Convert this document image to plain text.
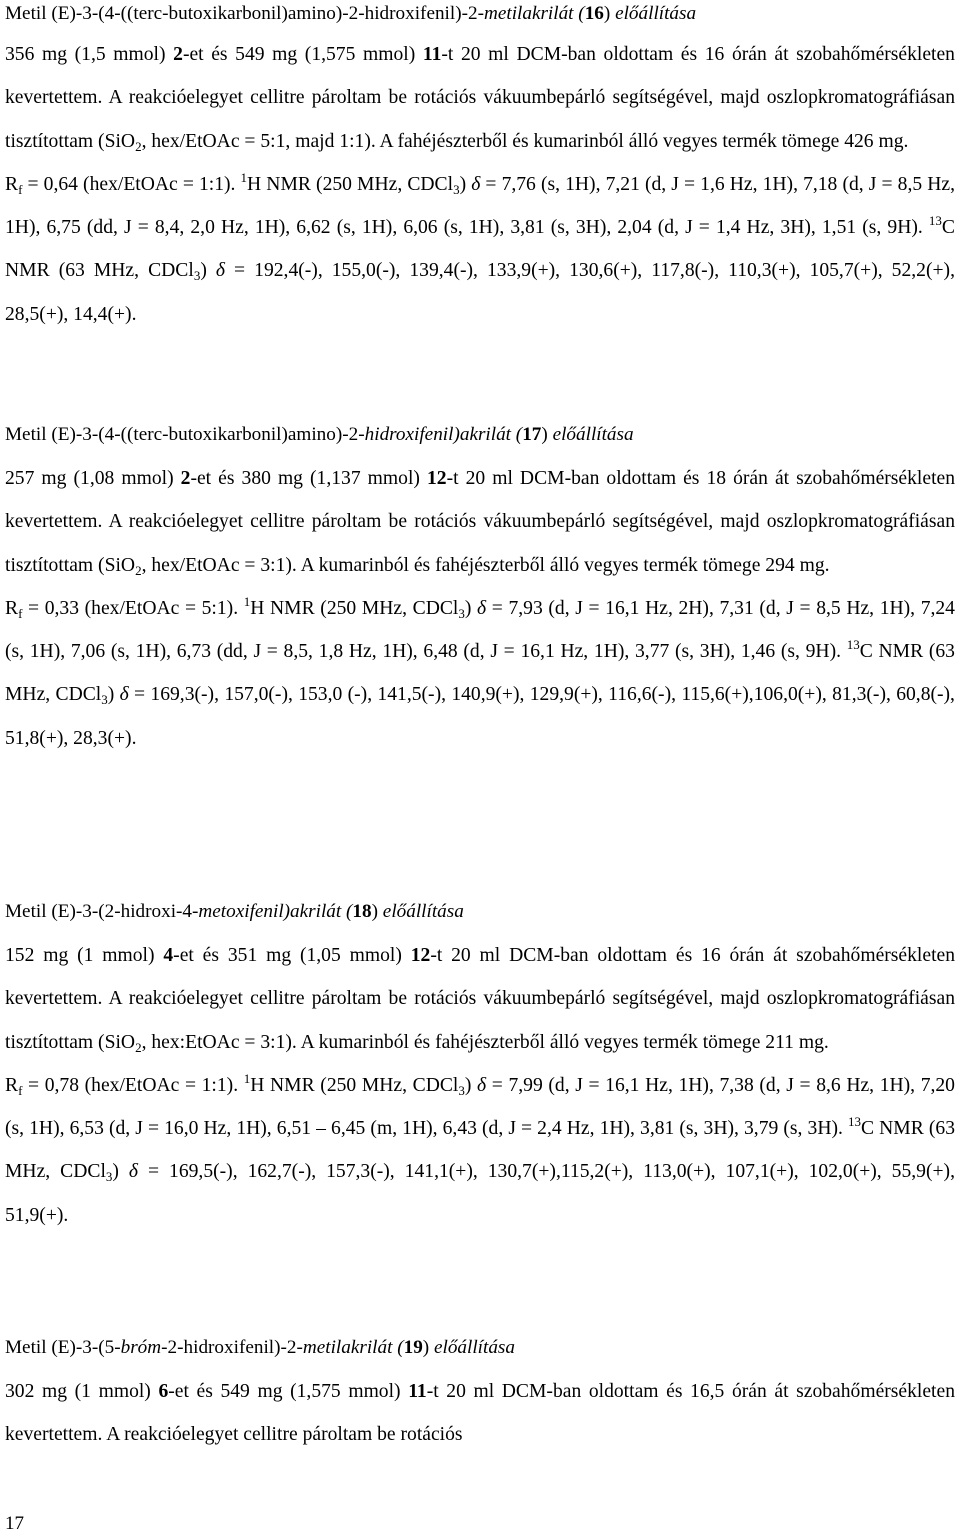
Metil (E)-3-(4-((terc-butoxikarbonil)amino)-2-hidroxifenil)-2-metilakrilát (16) előállítása

356 mg (1,5 mmol) 2-et és 549 mg (1,575 mmol) 11-t 20 ml DCM-ban oldottam és 16 órán át szobahőmérsékleten kevertettem. A reakcióelegyet cellitre pároltam be rotációs vákuumbepárló segítségével, majd oszlopkromatográfiásan tisztítottam (SiO$_2$, hex/EtOAc = 5:1, majd 1:1). A fahéjészterből és kumarinból álló vegyes termék tömege 426 mg.

$R_f = 0,64$ (hex/EtOAc = 1:1). $^1$H NMR (250 MHz, CDCl$_3$) δ = 7,76 (s, 1H), 7,21 (d, J = 1,6 Hz, 1H), 7,18 (d, J = 8,5 Hz, 1H), 6,75 (dd, J = 8,4, 2,0 Hz, 1H), 6,62 (s, 1H), 6,06 (s, 1H), 3,81 (s, 3H), 2,04 (d, J = 1,4 Hz, 3H), 1,51 (s, 9H). $^{13}$C NMR (63 MHz, CDCl$_3$) δ = 192,4(-), 155,0(-), 139,4(-), 133,9(+), 130,6(+), 117,8(-), 110,3(+), 105,7(+), 52,2(+), 28,5(+), 14,4(+).

Metil (E)-3-(4-((terc-butoxikarbonil)amino)-2-hidroxifenil)akrilát (17) előállítása

257 mg (1,08 mmol) 2-et és 380 mg (1,137 mmol) 12-t 20 ml DCM-ban oldottam és 18 órán át szobahőmérsékleten kevertettem. A reakcióelegyet cellitre pároltam be rotációs vákuumbepárló segítségével, majd oszlopkromatográfiásan tisztítottam (SiO$_2$, hex/EtOAc = 3:1). A kumarinból és fahéjészterből álló vegyes termék tömege 294 mg.

$R_f = 0,33$ (hex/EtOAc = 5:1). $^1$H NMR (250 MHz, CDCl$_3$) δ = 7,93 (d, J = 16,1 Hz, 2H), 7,31 (d, J = 8,5 Hz, 1H), 7,24 (s, 1H), 7,06 (s, 1H), 6,73 (dd, J = 8,5, 1,8 Hz, 1H), 6,48 (d, J = 16,1 Hz, 1H), 3,77 (s, 3H), 1,46 (s, 9H). $^{13}$C NMR (63 MHz, CDCl$_3$) δ = 169,3(-), 157,0(-), 153,0 (-), 141,5(-), 140,9(+), 129,9(+), 116,6(-), 115,6(+),106,0(+), 81,3(-), 60,8(-), 51,8(+), 28,3(+).

Metil (E)-3-(2-hidroxi-4-metoxifenil)akrilát (18) előállítása

152 mg (1 mmol) 4-et és 351 mg (1,05 mmol) 12-t 20 ml DCM-ban oldottam és 16 órán át szobahőmérsékleten kevertettem. A reakcióelegyet cellitre pároltam be rotációs vákuumbepárló segítségével, majd oszlopkromatográfiásan tisztítottam (SiO$_2$, hex:EtOAc = 3:1). A kumarinból és fahéjészterből álló vegyes termék tömege 211 mg.

$R_f = 0,78$ (hex/EtOAc = 1:1). $^1$H NMR (250 MHz, CDCl$_3$) δ = 7,99 (d, J = 16,1 Hz, 1H), 7,38 (d, J = 8,6 Hz, 1H), 7,20 (s, 1H), 6,53 (d, J = 16,0 Hz, 1H), 6,51 – 6,45 (m, 1H), 6,43 (d, J = 2,4 Hz, 1H), 3,81 (s, 3H), 3,79 (s, 3H). $^{13}$C NMR (63 MHz, CDCl$_3$) δ = 169,5(-), 162,7(-), 157,3(-), 141,1(+), 130,7(+),115,2(+), 113,0(+), 107,1(+), 102,0(+), 55,9(+), 51,9(+).

Metil (E)-3-(5-bróm-2-hidroxifenil)-2-metilakrilát (19) előállítása

302 mg (1 mmol) 6-et és 549 mg (1,575 mmol) 11-t 20 ml DCM-ban oldottam és 16,5 órán át szobahőmérsékleten kevertettem. A reakcióelegyet cellitre pároltam be rotációs

17
